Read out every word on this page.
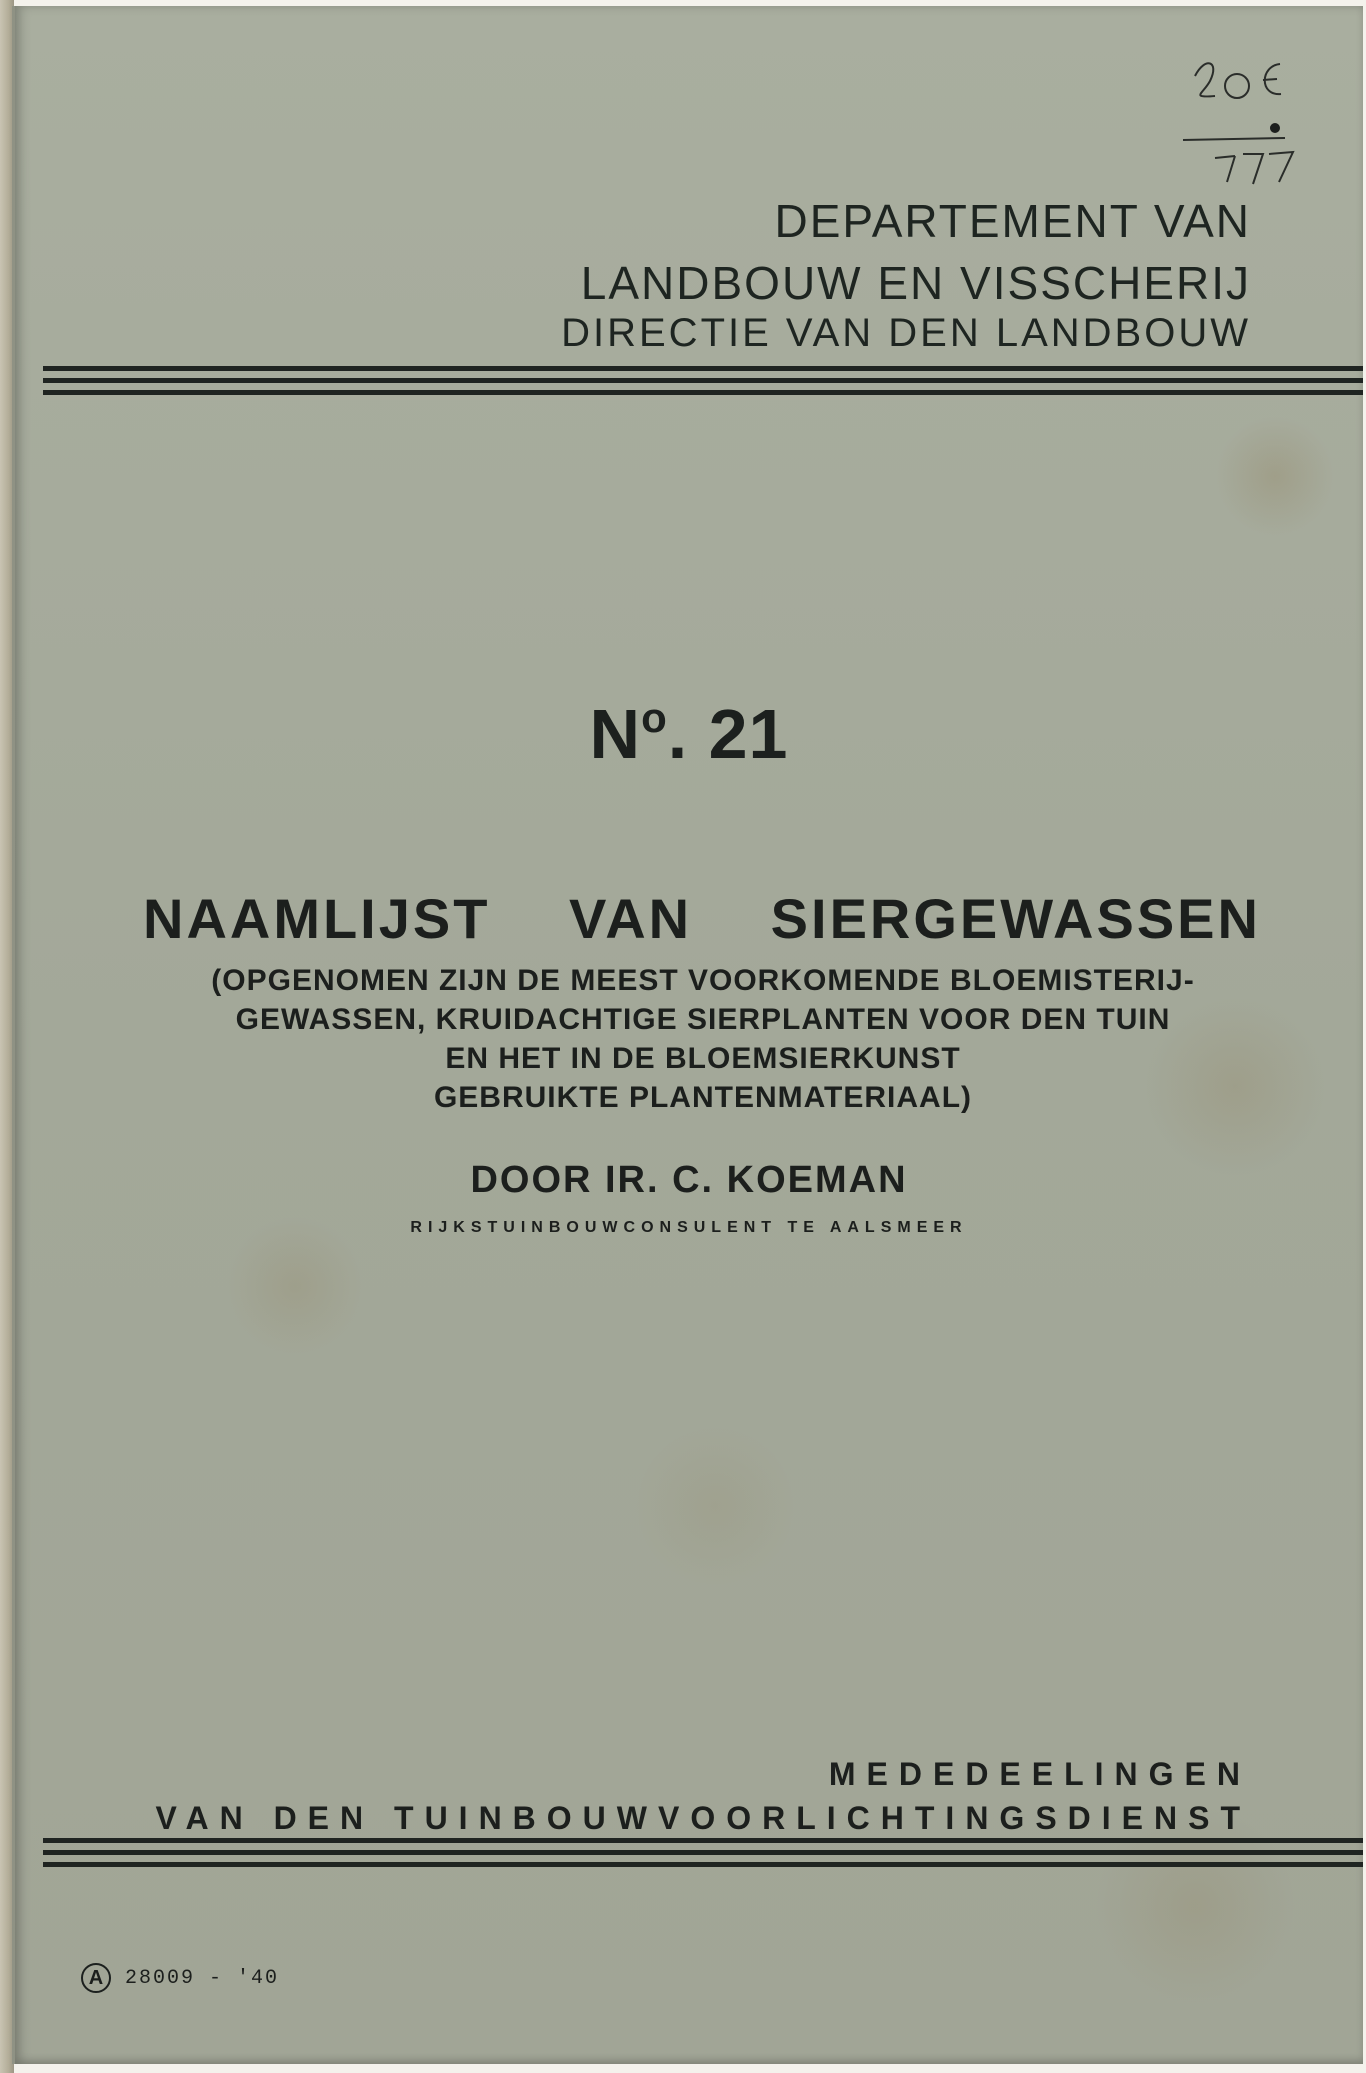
DEPARTEMENT VAN
LANDBOUW EN VISSCHERIJ
DIRECTIE VAN DEN LANDBOUW
$N^o$. 21
NAAMLIJST VAN SIERGEWASSEN
(OPGENOMEN ZIJN DE MEEST VOORKOMENDE BLOEMISTERIJ-
GEWASSEN, KRUIDACHTIGE SIERPLANTEN VOOR DEN TUIN
EN HET IN DE BLOEMSIERKUNST
GEBRUIKTE PLANTENMATERIAAL)
DOOR IR. C. KOEMAN
RIJKSTUINBOUWCONSULENT TE AALSMEER
MEDEDEELINGEN
VAN DEN TUINBOUWVOORLICHTINGSDIENST
A	28009 - '40
